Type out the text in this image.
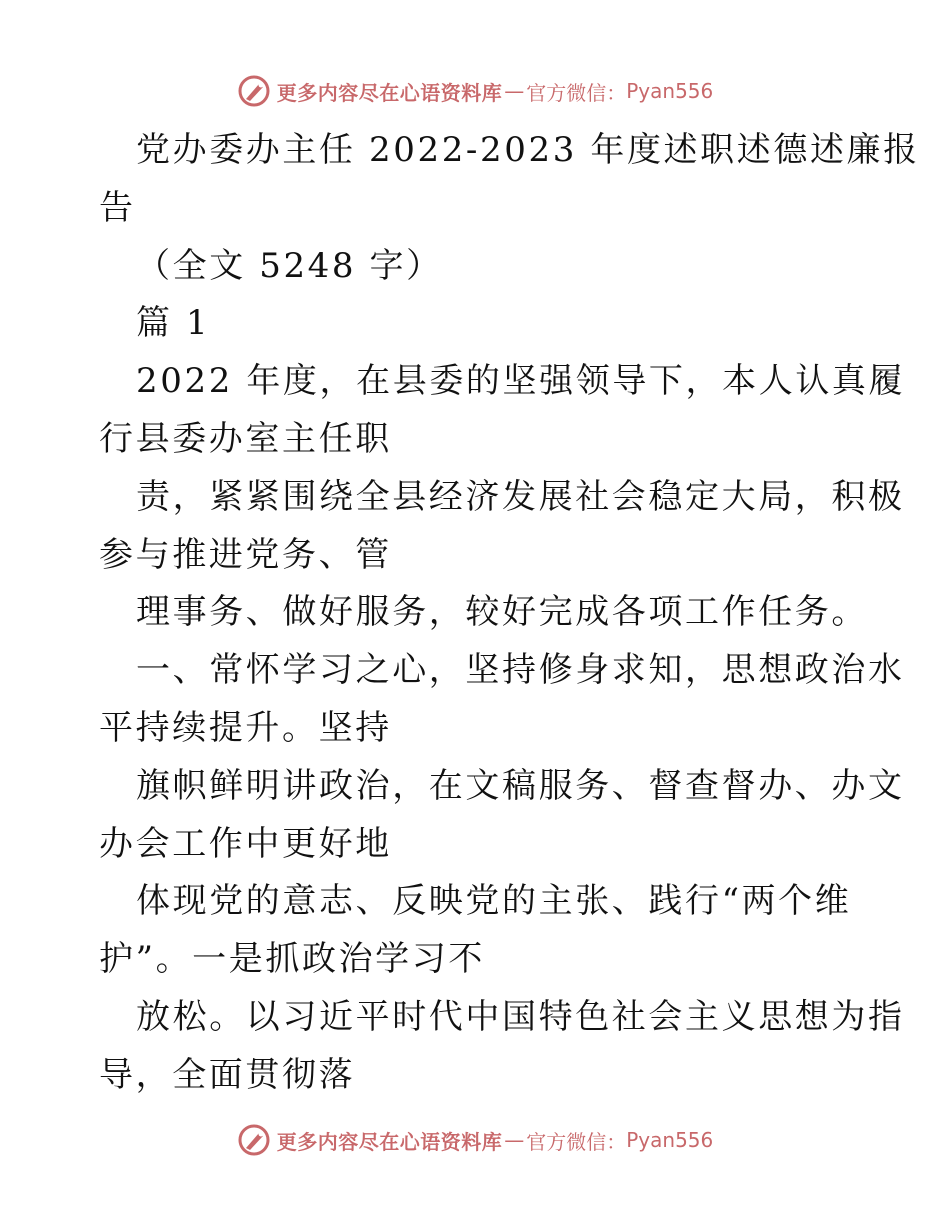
更多内容尽在心语资料库 — 官方微信： Pyan556
党办委办主任 2022-2023 年度述职述德述廉报
告
（全文 5248 字）
篇 1
2022 年度，在县委的坚强领导下，本人认真履
行县委办室主任职
责，紧紧围绕全县经济发展社会稳定大局，积极
参与推进党务、管
理事务、做好服务，较好完成各项工作任务。
一、常怀学习之心，坚持修身求知，思想政治水
平持续提升。坚持
旗帜鲜明讲政治，在文稿服务、督查督办、办文
办会工作中更好地
体现党的意志、反映党的主张、践行“两个维
护”。一是抓政治学习不
放松。以习近平时代中国特色社会主义思想为指
导，全面贯彻落
更多内容尽在心语资料库 — 官方微信： Pyan556
